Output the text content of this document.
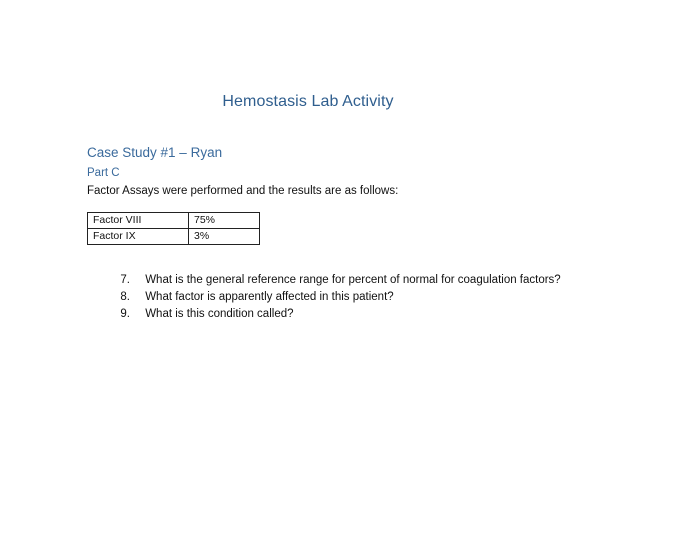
Hemostasis Lab Activity
Case Study #1 – Ryan

Part C

Factor Assays were performed and the results are as follows:

Factor VIII	75%
Factor IX	3%
7. What is the general reference range for percent of normal for coagulation factors?
8. What factor is apparently affected in this patient?
9. What is this condition called?
